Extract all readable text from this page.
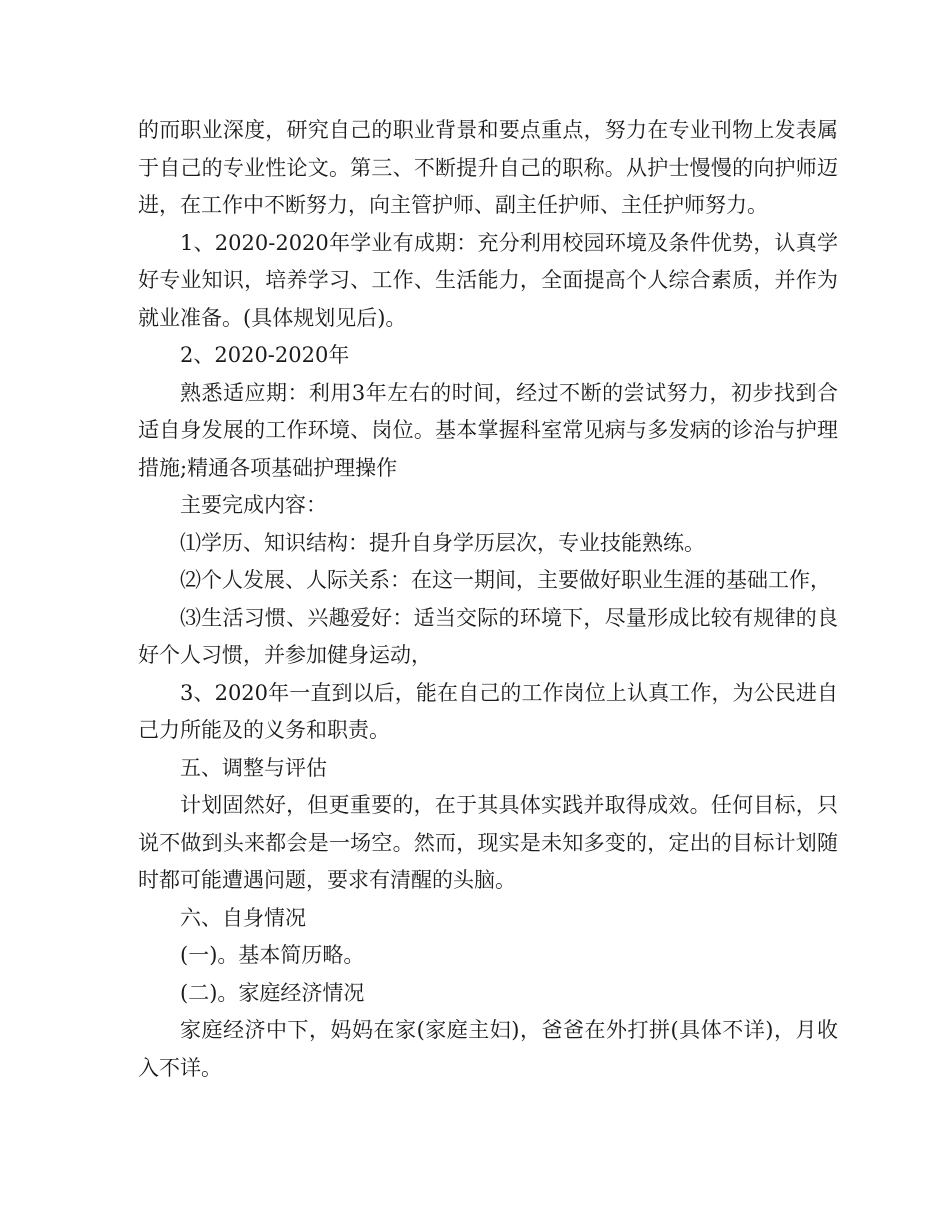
的而职业深度，研究自己的职业背景和要点重点，努力在专业刊物上发表属于自己的专业性论文。第三、不断提升自己的职称。从护士慢慢的向护师迈进，在工作中不断努力，向主管护师、副主任护师、主任护师努力。

1、2020-2020年学业有成期：充分利用校园环境及条件优势，认真学好专业知识，培养学习、工作、生活能力，全面提高个人综合素质，并作为就业准备。(具体规划见后)。

2、2020-2020年

熟悉适应期：利用3年左右的时间，经过不断的尝试努力，初步找到合适自身发展的工作环境、岗位。基本掌握科室常见病与多发病的诊治与护理措施;精通各项基础护理操作

主要完成内容：

⑴学历、知识结构：提升自身学历层次，专业技能熟练。

⑵个人发展、人际关系：在这一期间，主要做好职业生涯的基础工作，

⑶生活习惯、兴趣爱好：适当交际的环境下，尽量形成比较有规律的良好个人习惯，并参加健身运动，

3、2020年一直到以后，能在自己的工作岗位上认真工作，为公民进自己力所能及的义务和职责。

五、调整与评估

计划固然好，但更重要的，在于其具体实践并取得成效。任何目标，只说不做到头来都会是一场空。然而，现实是未知多变的，定出的目标计划随时都可能遭遇问题，要求有清醒的头脑。

六、自身情况

(一)。基本简历略。

(二)。家庭经济情况

家庭经济中下，妈妈在家(家庭主妇)，爸爸在外打拼(具体不详)，月收入不详。
